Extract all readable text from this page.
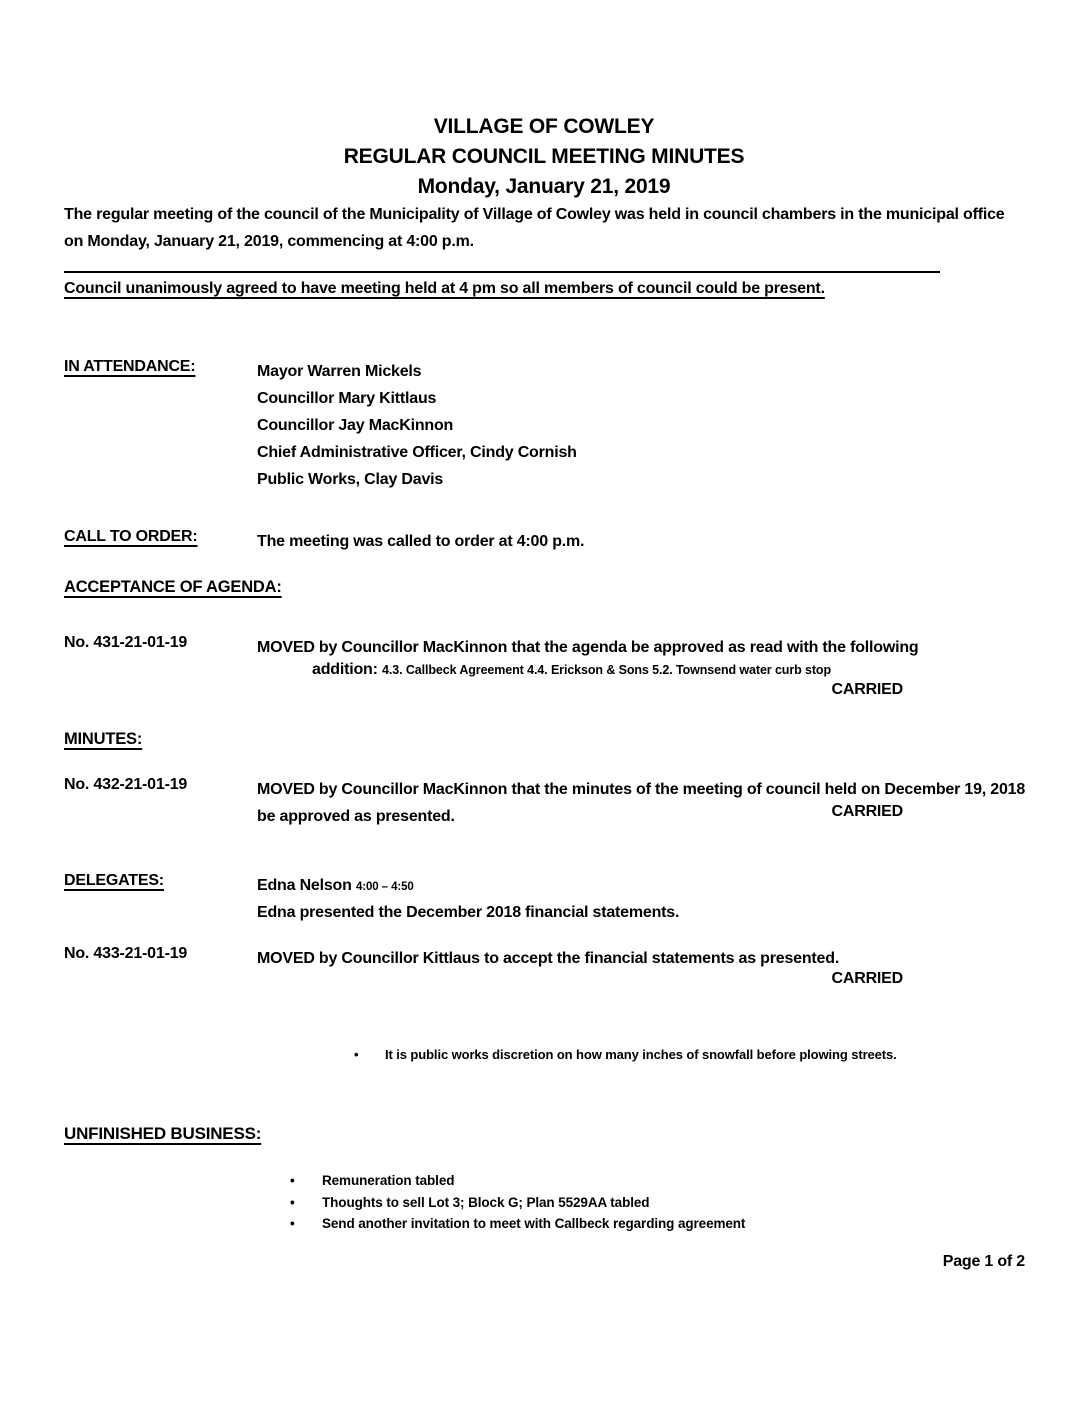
VILLAGE OF COWLEY
REGULAR COUNCIL MEETING MINUTES
Monday, January 21, 2019
The regular meeting of the council of the Municipality of Village of Cowley was held in council chambers in the municipal office on Monday, January 21, 2019, commencing at 4:00 p.m.
Council unanimously agreed to have meeting held at 4 pm so all members of council could be present.
IN ATTENDANCE:	Mayor Warren Mickels
Councillor Mary Kittlaus
Councillor Jay MacKinnon
Chief Administrative Officer, Cindy Cornish
Public Works, Clay Davis
CALL TO ORDER:	The meeting was called to order at 4:00 p.m.
ACCEPTANCE OF AGENDA:
No. 431-21-01-19	MOVED by Councillor MacKinnon that the agenda be approved as read with the following
addition: 4.3. Callbeck Agreement 4.4. Erickson & Sons 5.2. Townsend water curb stop
CARRIED
MINUTES:
No. 432-21-01-19	MOVED by Councillor MacKinnon that the minutes of the meeting of council held on December 19, 2018 be approved as presented.	CARRIED
DELEGATES:	Edna Nelson 4:00 – 4:50
Edna presented the December 2018 financial statements.
No. 433-21-01-19	MOVED by Councillor Kittlaus to accept the financial statements as presented.
CARRIED
•	It is public works discretion on how many inches of snowfall before plowing streets.
UNFINISHED BUSINESS:
•	Remuneration tabled
•	Thoughts to sell Lot 3; Block G; Plan 5529AA tabled
•	Send another invitation to meet with Callbeck regarding agreement
Page 1 of 2
